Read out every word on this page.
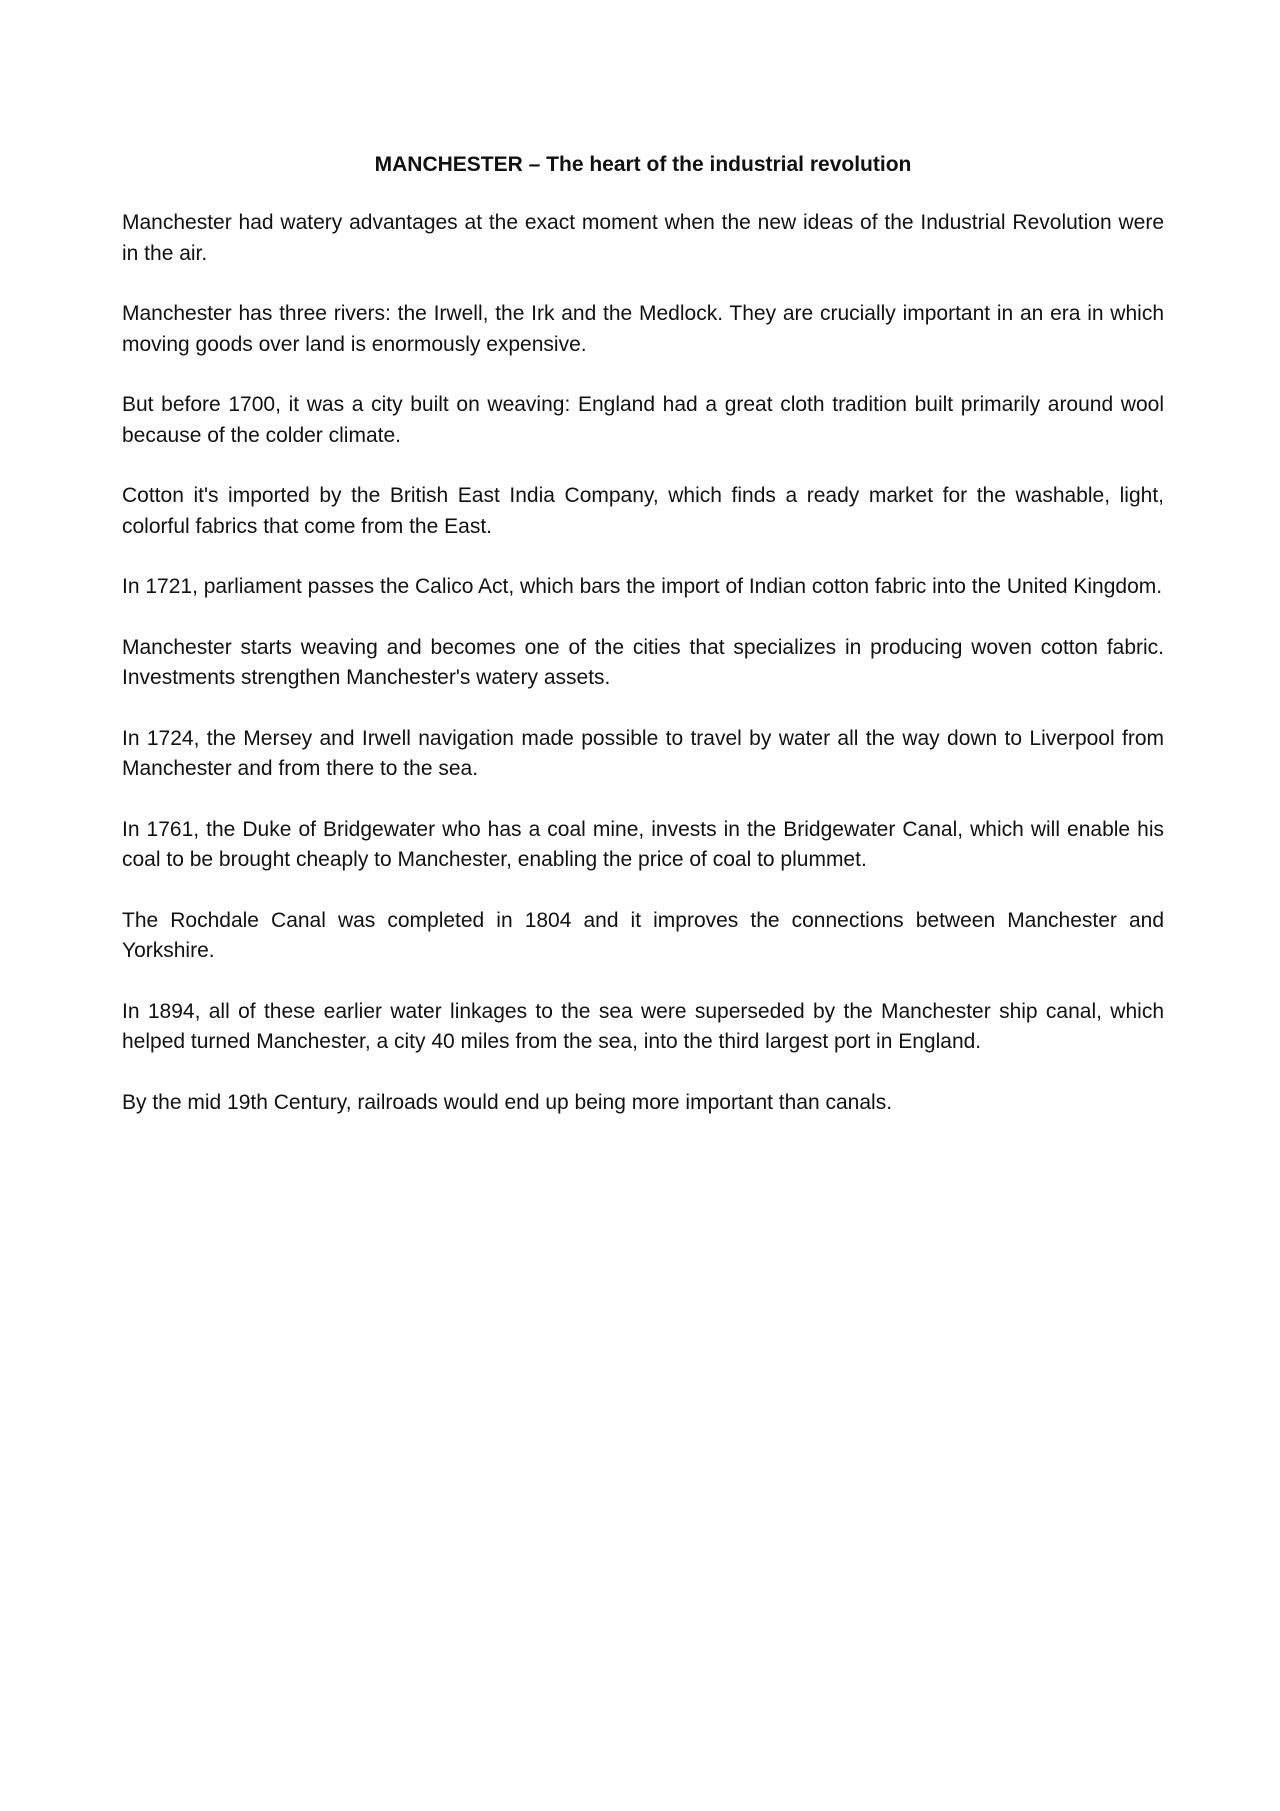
MANCHESTER – The heart of the industrial revolution

Manchester had watery advantages at the exact moment when the new ideas of the Industrial Revolution were in the air.

Manchester has three rivers: the Irwell, the Irk and the Medlock. They are crucially important in an era in which moving goods over land is enormously expensive.

But before 1700, it was a city built on weaving: England had a great cloth tradition built primarily around wool because of the colder climate.

Cotton it's imported by the British East India Company, which finds a ready market for the washable, light, colorful fabrics that come from the East.

In 1721, parliament passes the Calico Act, which bars the import of Indian cotton fabric into the United Kingdom.

Manchester starts weaving and becomes one of the cities that specializes in producing woven cotton fabric. Investments strengthen Manchester's watery assets.

In 1724, the Mersey and Irwell navigation made possible to travel by water all the way down to Liverpool from Manchester and from there to the sea.

In 1761, the Duke of Bridgewater who has a coal mine, invests in the Bridgewater Canal, which will enable his coal to be brought cheaply to Manchester, enabling the price of coal to plummet.

The Rochdale Canal was completed in 1804 and it improves the connections between Manchester and Yorkshire.

In 1894, all of these earlier water linkages to the sea were superseded by the Manchester ship canal, which helped turned Manchester, a city 40 miles from the sea, into the third largest port in England.

By the mid 19th Century, railroads would end up being more important than canals.
